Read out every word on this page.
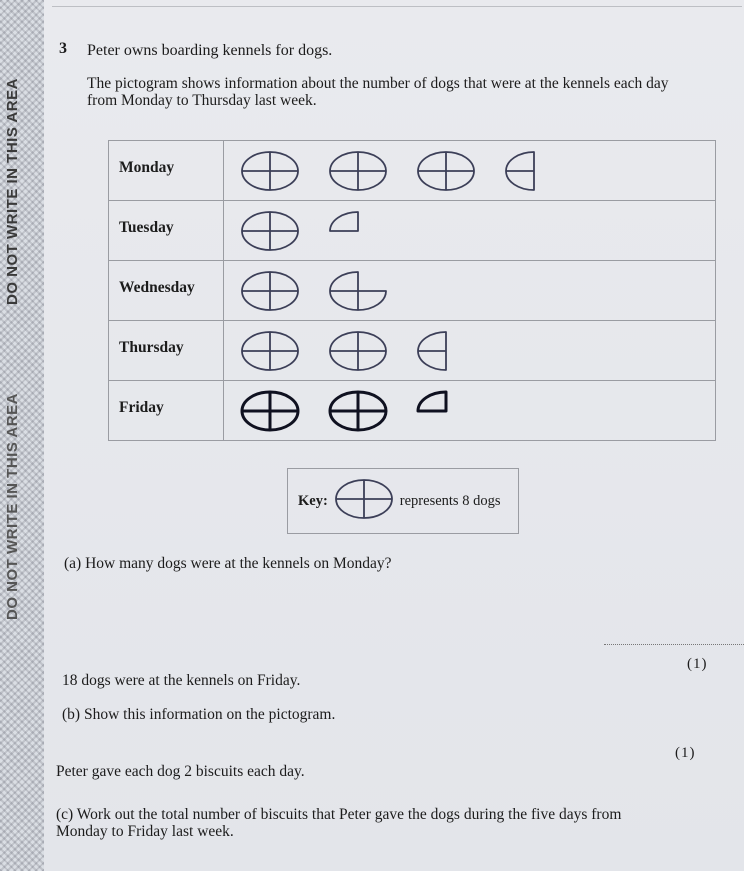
DO NOT WRITE IN THIS AREA
DO NOT WRITE IN THIS AREA
3 Peter owns boarding kennels for dogs.
The pictogram shows information about the number of dogs that were at the kennels each day from Monday to Thursday last week.
Monday	

Tuesday	

Wednesday	

Thursday	

Friday	
Key:	represents 8 dogs
(a) How many dogs were at the kennels on Monday?
(1)
18 dogs were at the kennels on Friday.
(b) Show this information on the pictogram.
(1)
Peter gave each dog 2 biscuits each day.
(c) Work out the total number of biscuits that Peter gave the dogs during the five days from Monday to Friday last week.
